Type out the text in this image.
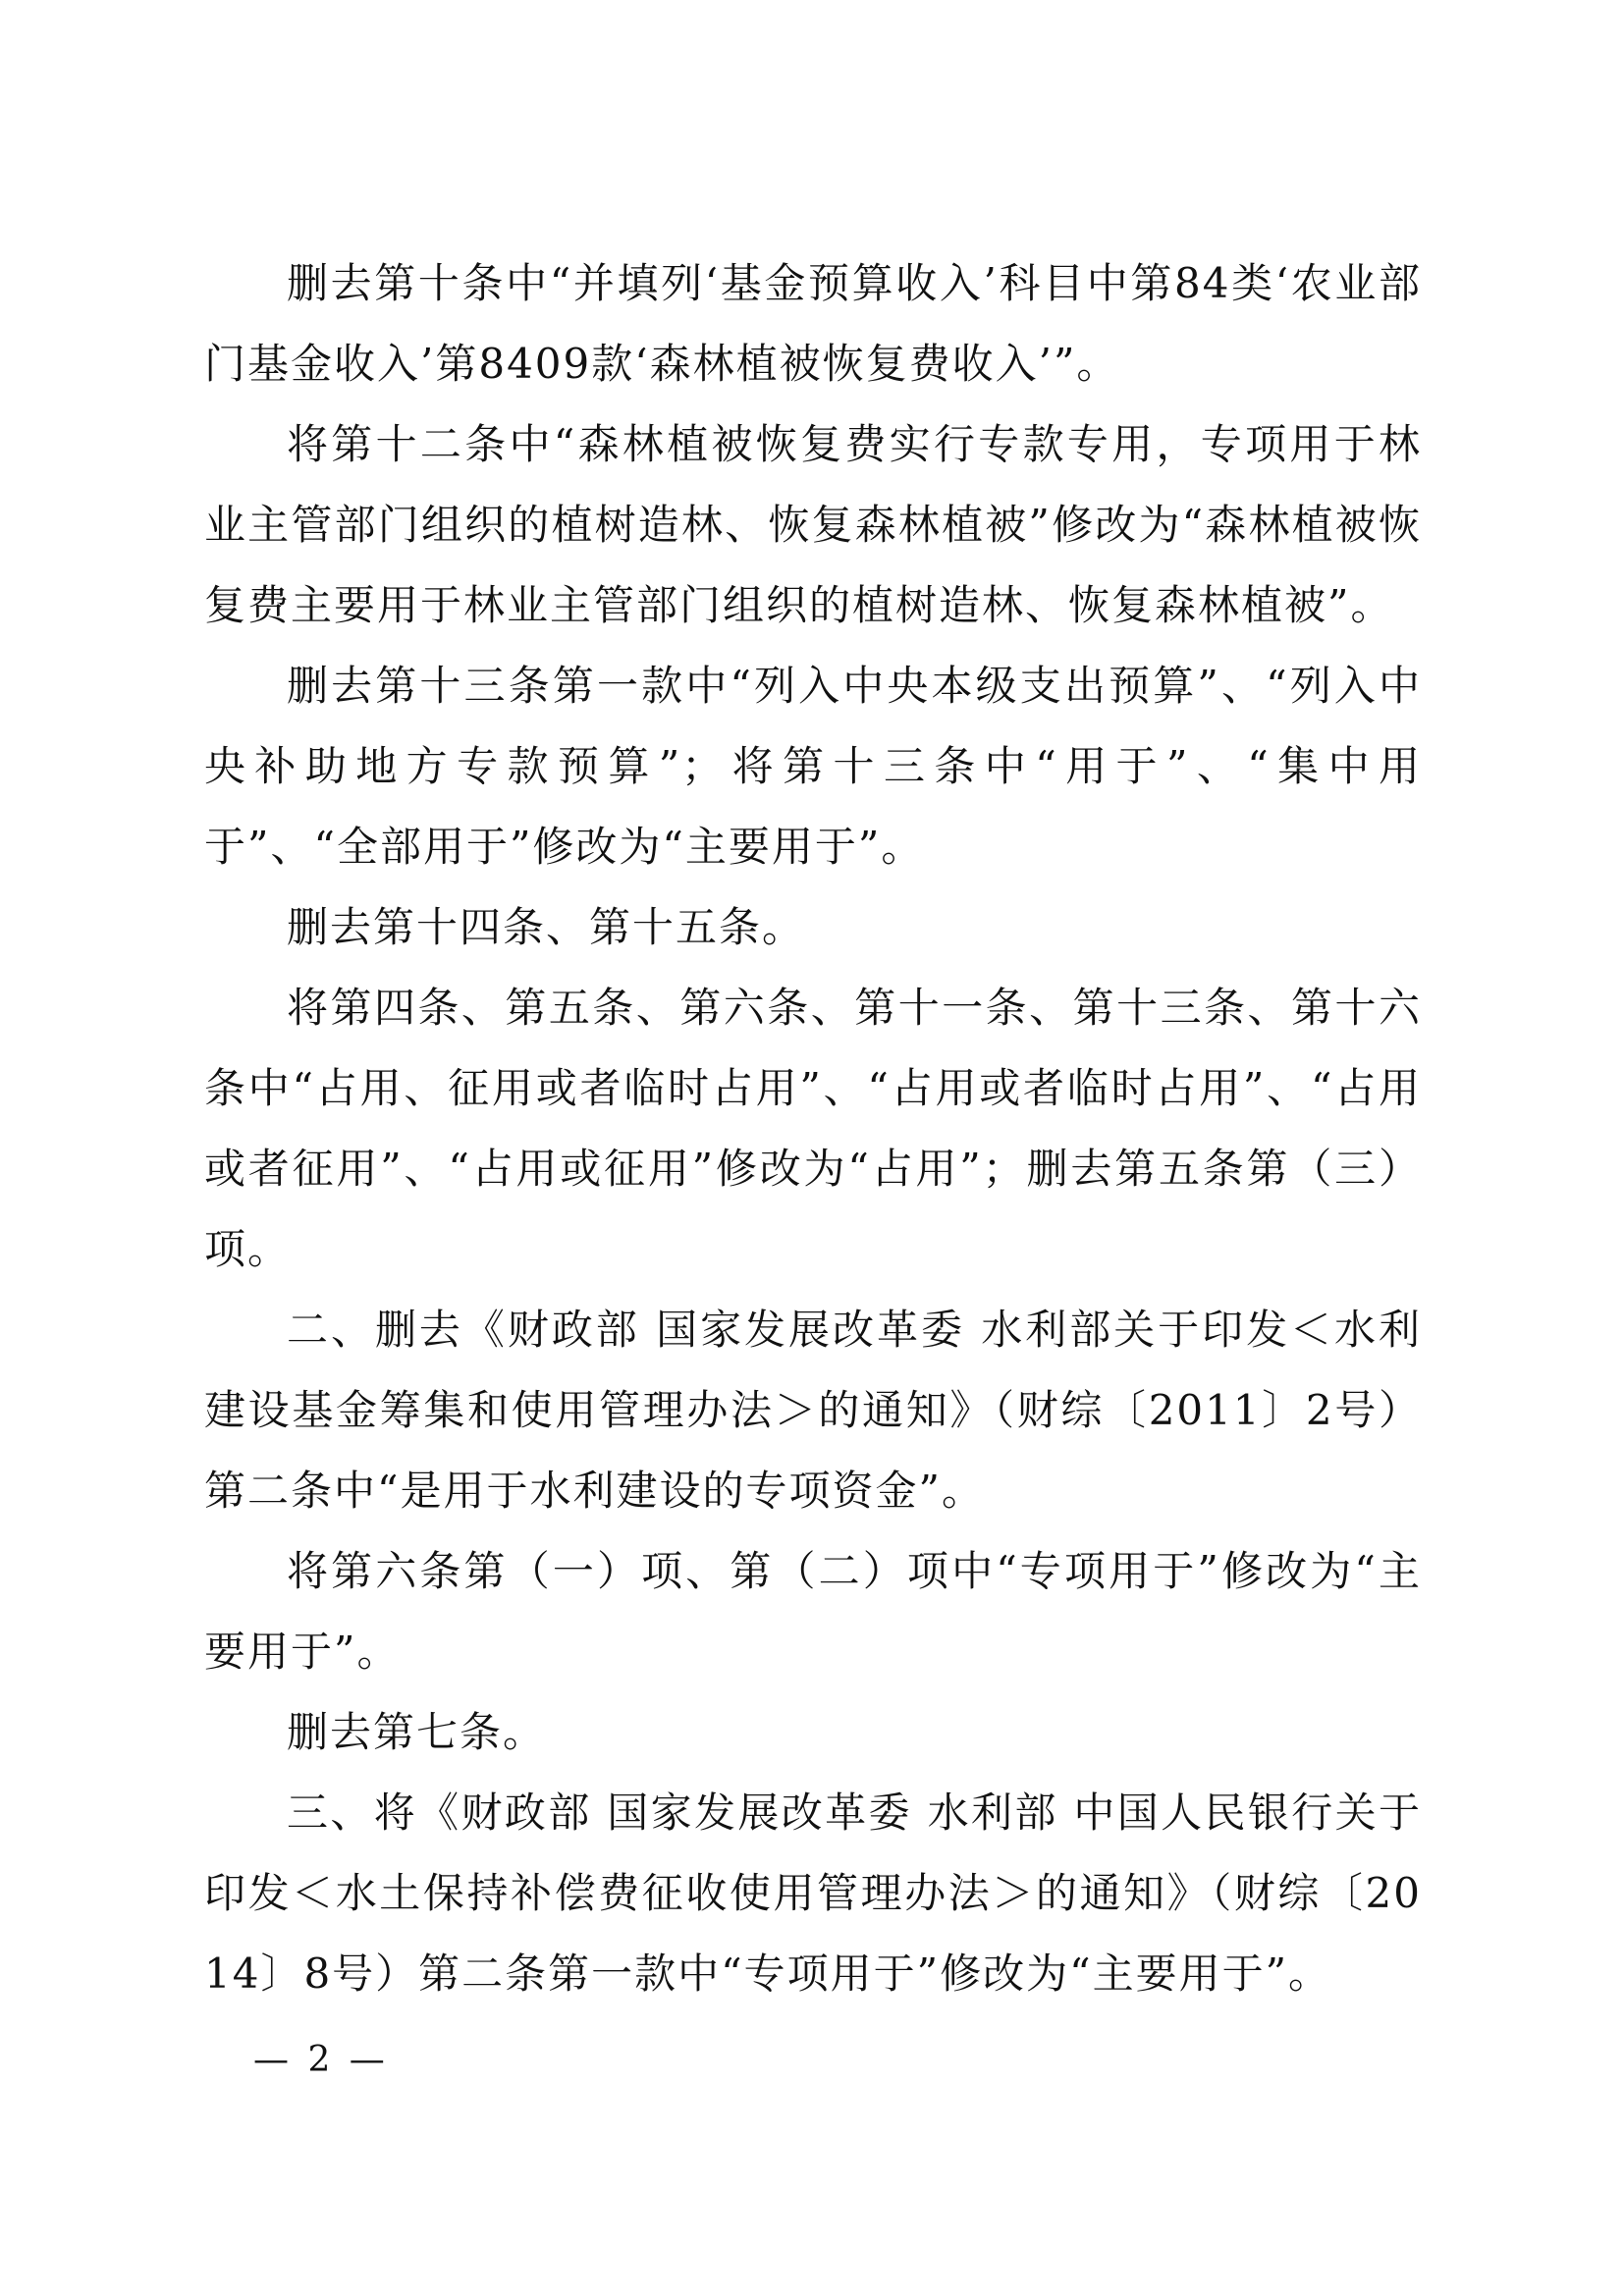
删去第十条中“并填列‘基金预算收入’科目中第84类‘农业部门基金收入’第8409款‘森林植被恢复费收入’”。

将第十二条中“森林植被恢复费实行专款专用，专项用于林业主管部门组织的植树造林、恢复森林植被”修改为“森林植被恢复费主要用于林业主管部门组织的植树造林、恢复森林植被”。

删去第十三条第一款中“列入中央本级支出预算”、“列入中央补助地方专款预算”；将第十三条中“用于”、“集中用于”、“全部用于”修改为“主要用于”。

删去第十四条、第十五条。

将第四条、第五条、第六条、第十一条、第十三条、第十六条中“占用、征用或者临时占用”、“占用或者临时占用”、“占用或者征用”、“占用或征用”修改为“占用”；删去第五条第（三）项。

二、删去《财政部 国家发展改革委 水利部关于印发＜水利建设基金筹集和使用管理办法＞的通知》（财综〔2011〕2号）第二条中“是用于水利建设的专项资金”。

将第六条第（一）项、第（二）项中“专项用于”修改为“主要用于”。

删去第七条。

三、将《财政部 国家发展改革委 水利部 中国人民银行关于印发＜水土保持补偿费征收使用管理办法＞的通知》（财综〔2014〕8号）第二条第一款中“专项用于”修改为“主要用于”。

— 2 —
